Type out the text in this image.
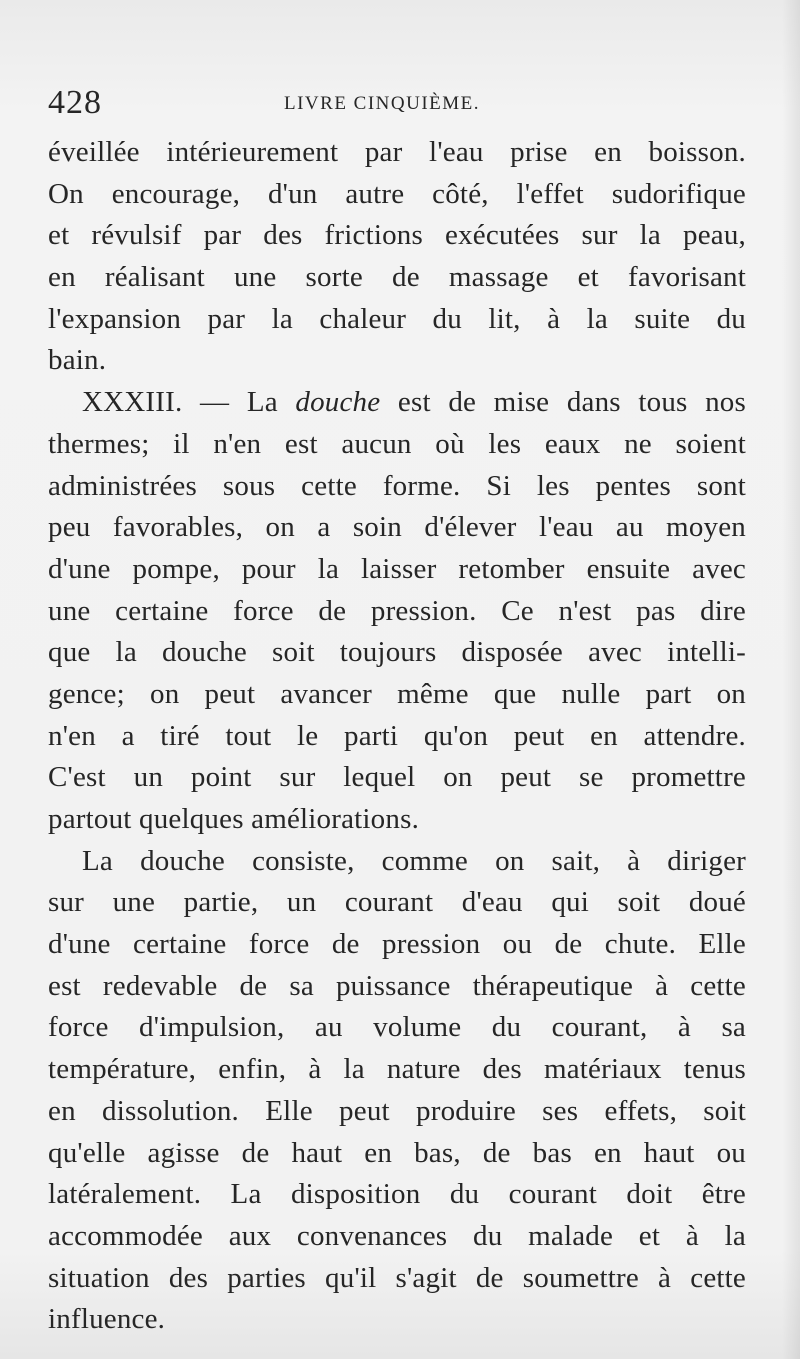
428	LIVRE CINQUIÈME.
éveillée intérieurement par l'eau prise en boisson.
On encourage, d'un autre côté, l'effet sudorifique
et révulsif par des frictions exécutées sur la peau,
en réalisant une sorte de massage et favorisant
l'expansion par la chaleur du lit, à la suite du
bain.
XXXIII. — La douche est de mise dans tous nos
thermes; il n'en est aucun où les eaux ne soient
administrées sous cette forme. Si les pentes sont
peu favorables, on a soin d'élever l'eau au moyen
d'une pompe, pour la laisser retomber ensuite avec
une certaine force de pression. Ce n'est pas dire
que la douche soit toujours disposée avec intelli-
gence; on peut avancer même que nulle part on
n'en a tiré tout le parti qu'on peut en attendre.
C'est un point sur lequel on peut se promettre
partout quelques améliorations.
La douche consiste, comme on sait, à diriger
sur une partie, un courant d'eau qui soit doué
d'une certaine force de pression ou de chute. Elle
est redevable de sa puissance thérapeutique à cette
force d'impulsion, au volume du courant, à sa
température, enfin, à la nature des matériaux tenus
en dissolution. Elle peut produire ses effets, soit
qu'elle agisse de haut en bas, de bas en haut ou
latéralement. La disposition du courant doit être
accommodée aux convenances du malade et à la
situation des parties qu'il s'agit de soumettre à cette
influence.
